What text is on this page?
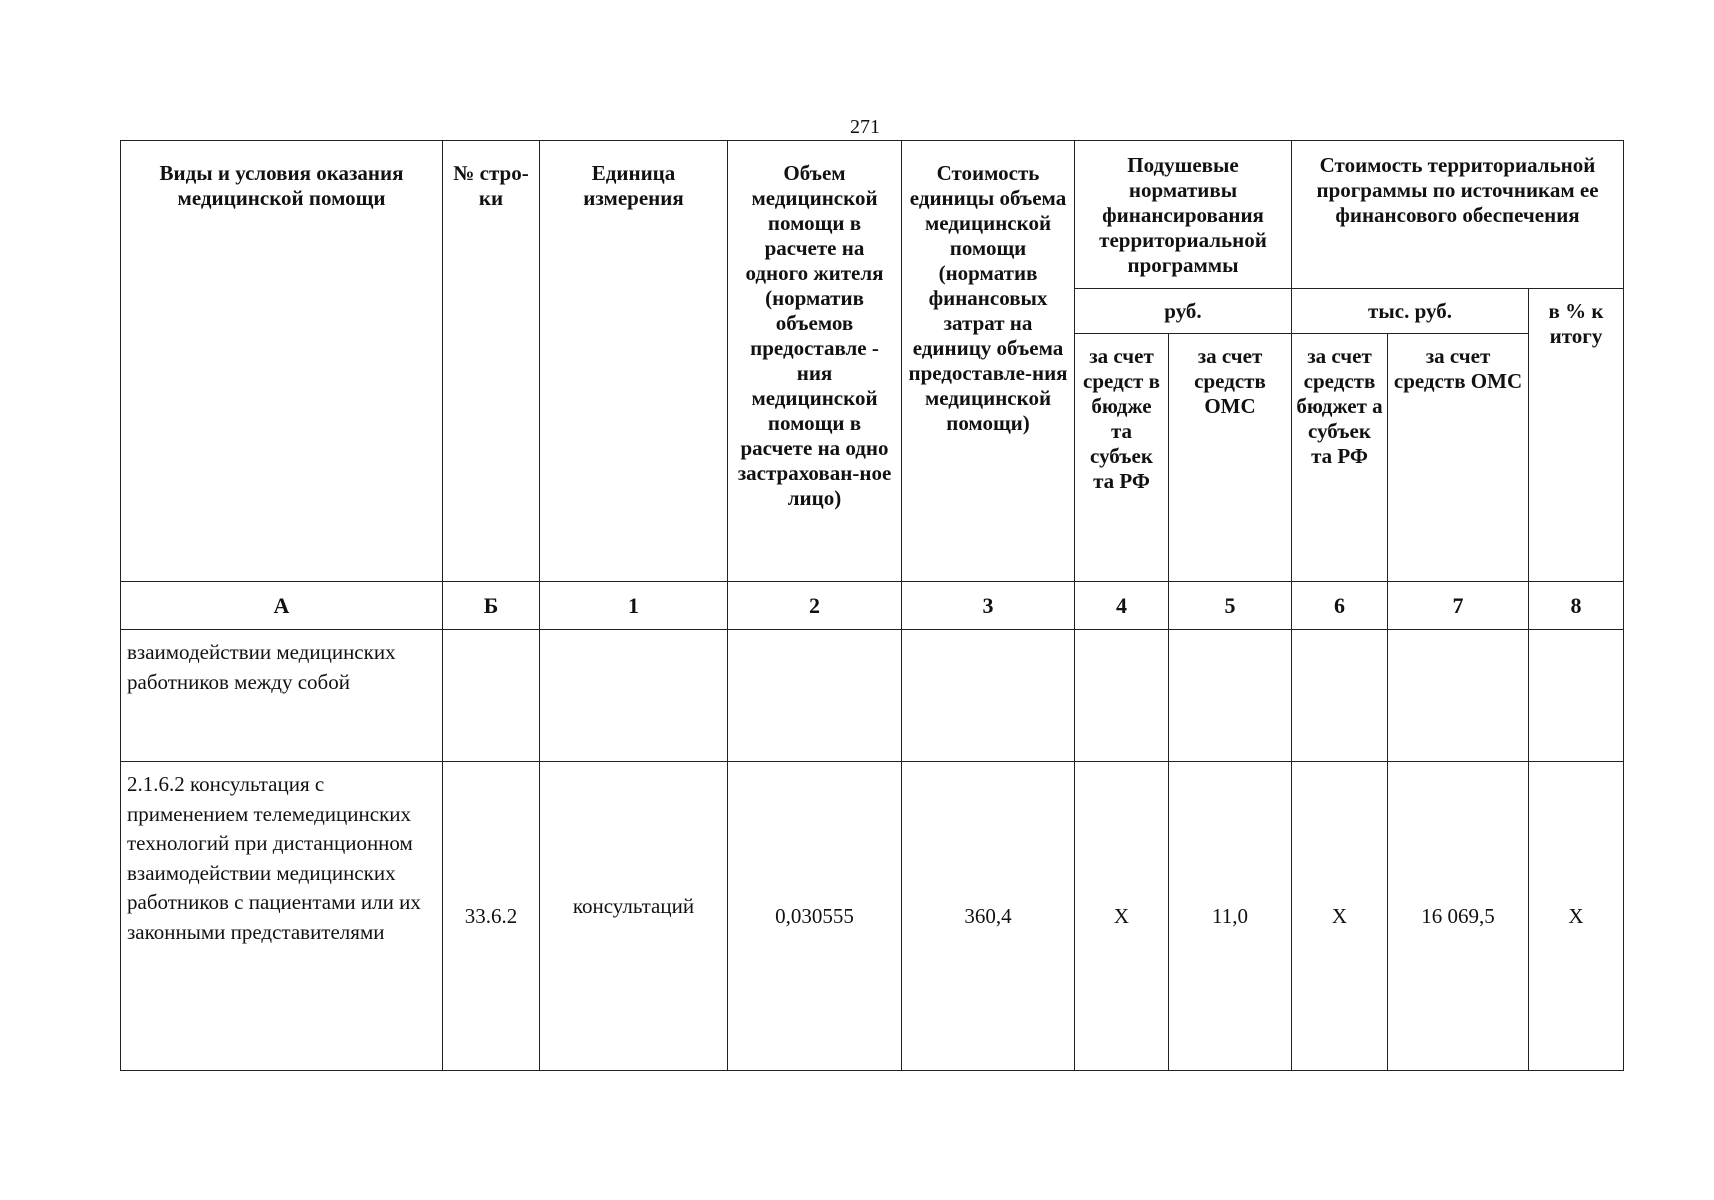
271
Виды и условия оказания медицинской помощи	№ стро-ки	Единица измерения	Объем медицинской помощи в расчете на одного жителя (норматив объемов предоставле - ния медицинской помощи в расчете на одно застрахован-ное лицо)	Стоимость единицы объема медицинской помощи (норматив финансовых затрат на единицу объема предоставле-ния медицинской помощи)	Подушевые нормативы финансирования территориальной программы		Стоимость территориальной программы по источникам ее финансового обеспечения		
					руб.		тыс. руб.		в % к итогу
					за счет средст в бюдже та субъек та РФ	за счет средств ОМС	за счет средств бюджет а субъек та РФ	за счет средств ОМС	
А	Б	1	2	3	4	5	6	7	8
взаимодействии медицинских работников между собой									
2.1.6.2 консультация с применением телемедицинских технологий при дистанционном взаимодействии медицинских работников с пациентами или их законными представителями	33.6.2	консультаций	0,030555	360,4	Х	11,0	Х	16 069,5	Х
